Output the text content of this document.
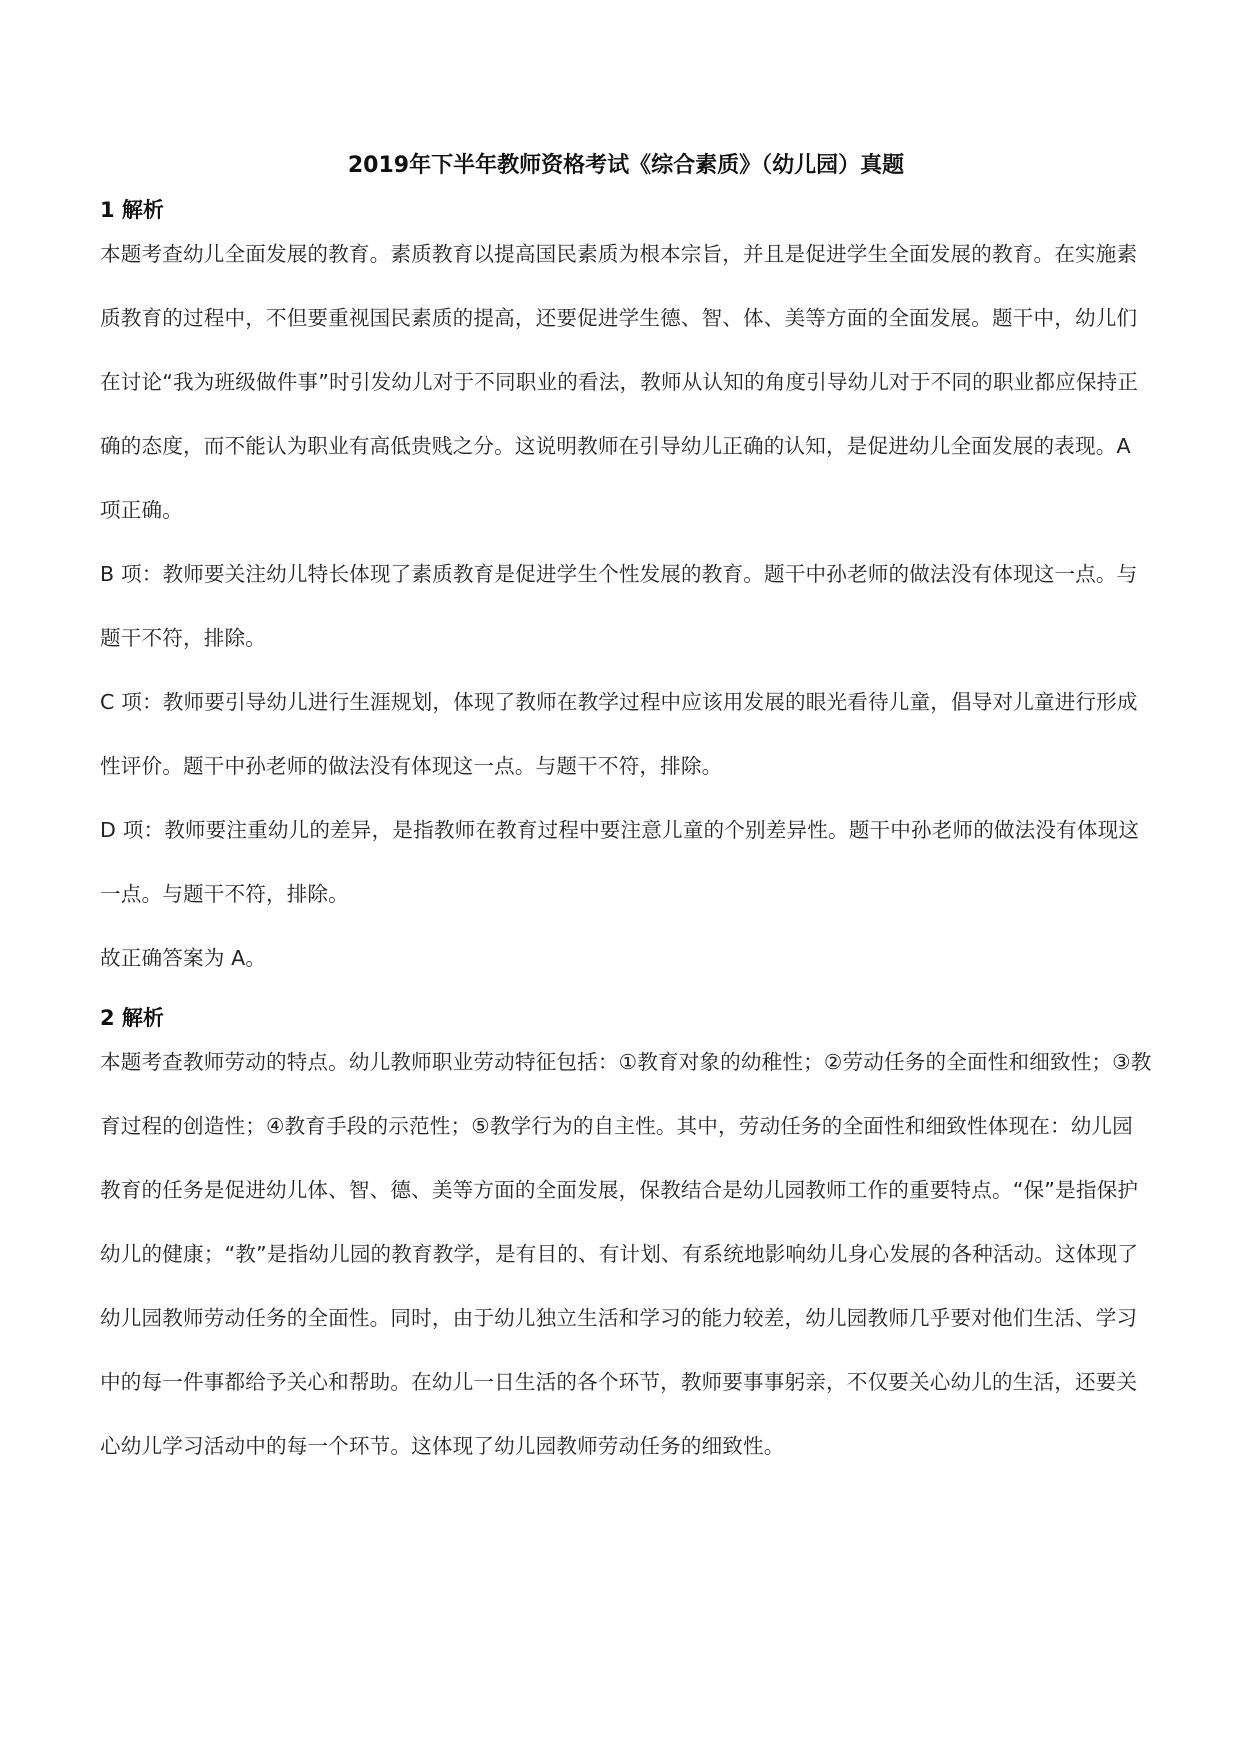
2019年下半年教师资格考试《综合素质》（幼儿园）真题
1 解析

本题考查幼儿全面发展的教育。素质教育以提高国民素质为根本宗旨，并且是促进学生全面发展的教育。在实施素质教育的过程中，不但要重视国民素质的提高，还要促进学生德、智、体、美等方面的全面发展。题干中，幼儿们在讨论“我为班级做件事”时引发幼儿对于不同职业的看法，教师从认知的角度引导幼儿对于不同的职业都应保持正确的态度，而不能认为职业有高低贵贱之分。这说明教师在引导幼儿正确的认知，是促进幼儿全面发展的表现。A 项正确。

B 项：教师要关注幼儿特长体现了素质教育是促进学生个性发展的教育。题干中孙老师的做法没有体现这一点。与题干不符，排除。

C 项：教师要引导幼儿进行生涯规划，体现了教师在教学过程中应该用发展的眼光看待儿童，倡导对儿童进行形成性评价。题干中孙老师的做法没有体现这一点。与题干不符，排除。

D 项：教师要注重幼儿的差异，是指教师在教育过程中要注意儿童的个别差异性。题干中孙老师的做法没有体现这一点。与题干不符，排除。

故正确答案为 A。

2 解析

本题考查教师劳动的特点。幼儿教师职业劳动特征包括：①教育对象的幼稚性；②劳动任务的全面性和细致性；③教育过程的创造性；④教育手段的示范性；⑤教学行为的自主性。其中，劳动任务的全面性和细致性体现在：幼儿园教育的任务是促进幼儿体、智、德、美等方面的全面发展，保教结合是幼儿园教师工作的重要特点。“保”是指保护幼儿的健康；“教”是指幼儿园的教育教学，是有目的、有计划、有系统地影响幼儿身心发展的各种活动。这体现了幼儿园教师劳动任务的全面性。同时，由于幼儿独立生活和学习的能力较差，幼儿园教师几乎要对他们生活、学习中的每一件事都给予关心和帮助。在幼儿一日生活的各个环节，教师要事事躬亲，不仅要关心幼儿的生活，还要关心幼儿学习活动中的每一个环节。这体现了幼儿园教师劳动任务的细致性。
